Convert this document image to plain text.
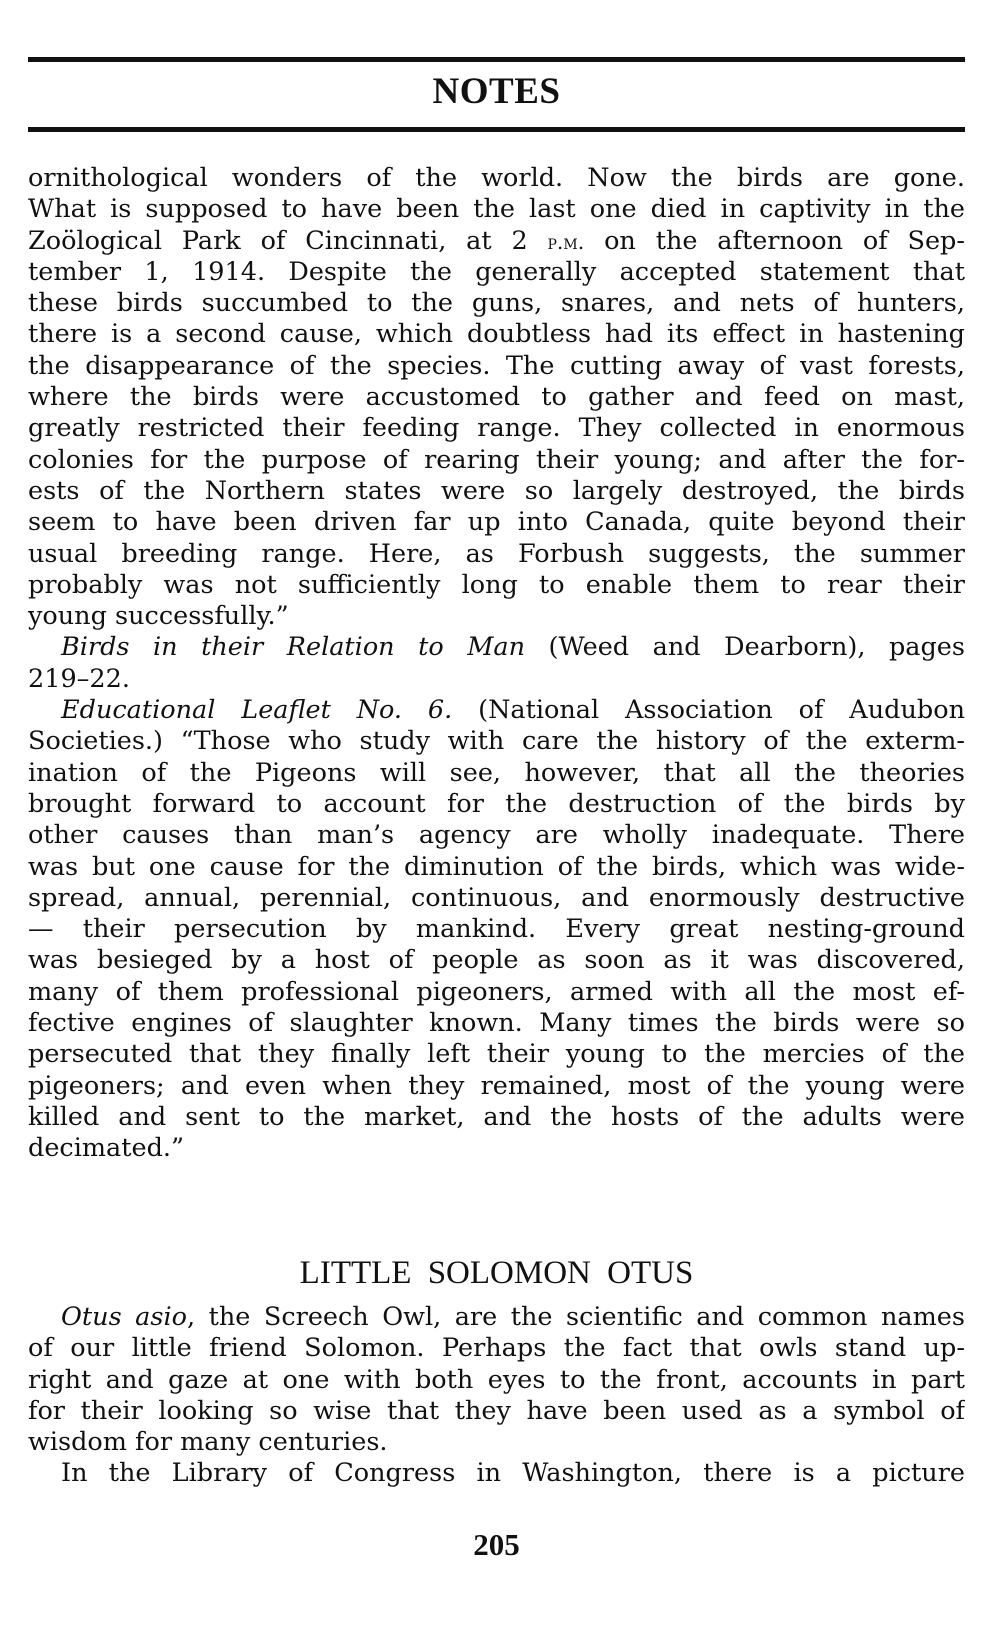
NOTES
ornithological wonders of the world. Now the birds are gone.
What is supposed to have been the last one died in captivity in the
Zoölogical Park of Cincinnati, at 2 p.m. on the afternoon of Sep-
tember 1, 1914. Despite the generally accepted statement that
these birds succumbed to the guns, snares, and nets of hunters,
there is a second cause, which doubtless had its effect in hastening
the disappearance of the species. The cutting away of vast forests,
where the birds were accustomed to gather and feed on mast,
greatly restricted their feeding range. They collected in enormous
colonies for the purpose of rearing their young; and after the for-
ests of the Northern states were so largely destroyed, the birds
seem to have been driven far up into Canada, quite beyond their
usual breeding range. Here, as Forbush suggests, the summer
probably was not sufficiently long to enable them to rear their
young successfully.”
Birds in their Relation to Man (Weed and Dearborn), pages
219–22.
Educational Leaflet No. 6. (National Association of Audubon
Societies.) “Those who study with care the history of the exterm-
ination of the Pigeons will see, however, that all the theories
brought forward to account for the destruction of the birds by
other causes than man’s agency are wholly inadequate. There
was but one cause for the diminution of the birds, which was wide-
spread, annual, perennial, continuous, and enormously destructive
— their persecution by mankind. Every great nesting-ground
was besieged by a host of people as soon as it was discovered,
many of them professional pigeoners, armed with all the most ef-
fective engines of slaughter known. Many times the birds were so
persecuted that they finally left their young to the mercies of the
pigeoners; and even when they remained, most of the young were
killed and sent to the market, and the hosts of the adults were
decimated.”
LITTLE SOLOMON OTUS
Otus asio, the Screech Owl, are the scientific and common names
of our little friend Solomon. Perhaps the fact that owls stand up-
right and gaze at one with both eyes to the front, accounts in part
for their looking so wise that they have been used as a symbol of
wisdom for many centuries.
In the Library of Congress in Washington, there is a picture
205
